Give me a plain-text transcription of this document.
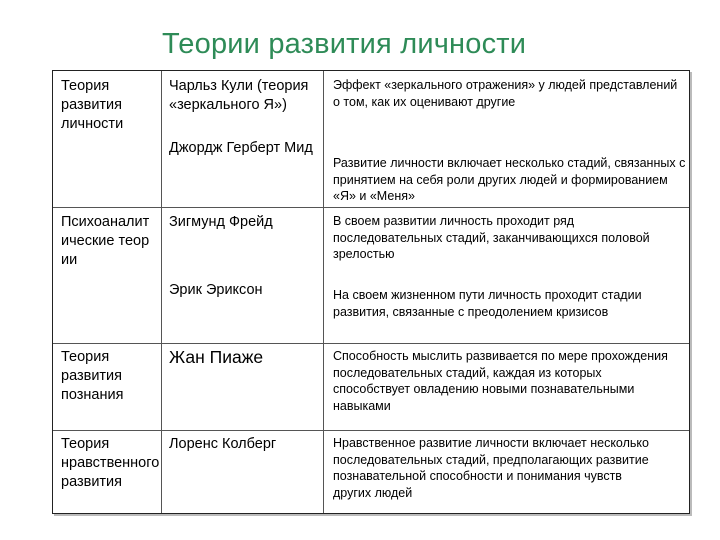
Теории развития личности
Теория развития личности
Чарльз Кули (теория «зеркального Я»)
Джордж Герберт Мид
Эффект «зеркального отражения» у людей представлений о том, как их оценивают другие
Развитие личности включает несколько стадий, связанных с принятием на себя роли других людей и формированием «Я» и «Меня»
Психоаналитические теории
Зигмунд Фрейд
Эрик Эриксон
В своем развитии личность проходит ряд последовательных стадий, заканчивающихся половой зрелостью
На своем жизненном пути личность проходит стадии развития, связанные с преодолением кризисов
Теория развития познания
Жан Пиаже	Способность мыслить развивается по мере прохождения последовательных стадий, каждая из которых способствует овладению новыми познавательными навыками
Теория нравственного развития
Лоренс Колберг	Нравственное развитие личности включает несколько последовательных стадий, предполагающих развитие познавательной способности и понимания чувств других людей
